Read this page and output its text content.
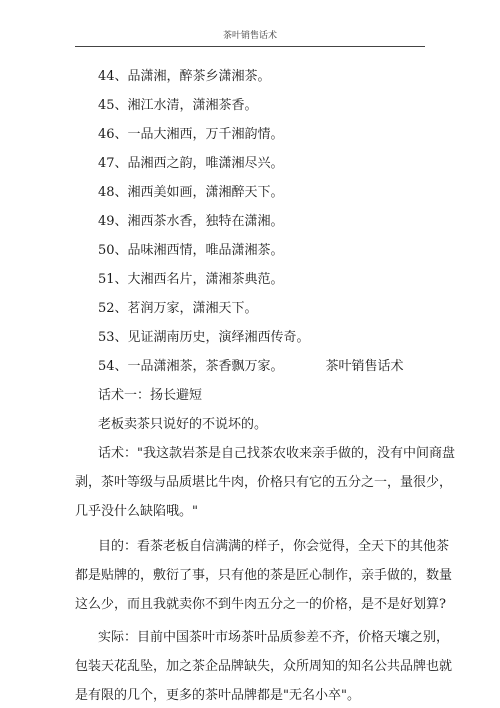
茶叶销售话术
44、品潇湘，醉茶乡潇湘茶。
45、湘江水清，潇湘茶香。
46、一品大湘西，万千湘韵情。
47、品湘西之韵，唯潇湘尽兴。
48、湘西美如画，潇湘醉天下。
49、湘西茶水香，独特在潇湘。
50、品味湘西情，唯品潇湘茶。
51、大湘西名片，潇湘茶典范。
52、茗润万家，潇湘天下。
53、见证湖南历史，演绎湘西传奇。
54、一品潇湘茶，茶香飘万家。	茶叶销售话术
话术一：扬长避短
老板卖茶只说好的不说坏的。
话术："我这款岩茶是自己找茶农收来亲手做的，没有中间商盘
剥，茶叶等级与品质堪比牛肉，价格只有它的五分之一，量很少，
几乎没什么缺陷哦。"
目的：看茶老板自信满满的样子，你会觉得，全天下的其他茶
都是贴牌的，敷衍了事，只有他的茶是匠心制作，亲手做的，数量
这么少，而且我就卖你不到牛肉五分之一的价格，是不是好划算?
实际：目前中国茶叶市场茶叶品质参差不齐，价格天壤之别，
包装天花乱坠，加之茶企品牌缺失，众所周知的知名公共品牌也就
是有限的几个，更多的茶叶品牌都是"无名小卒"。
